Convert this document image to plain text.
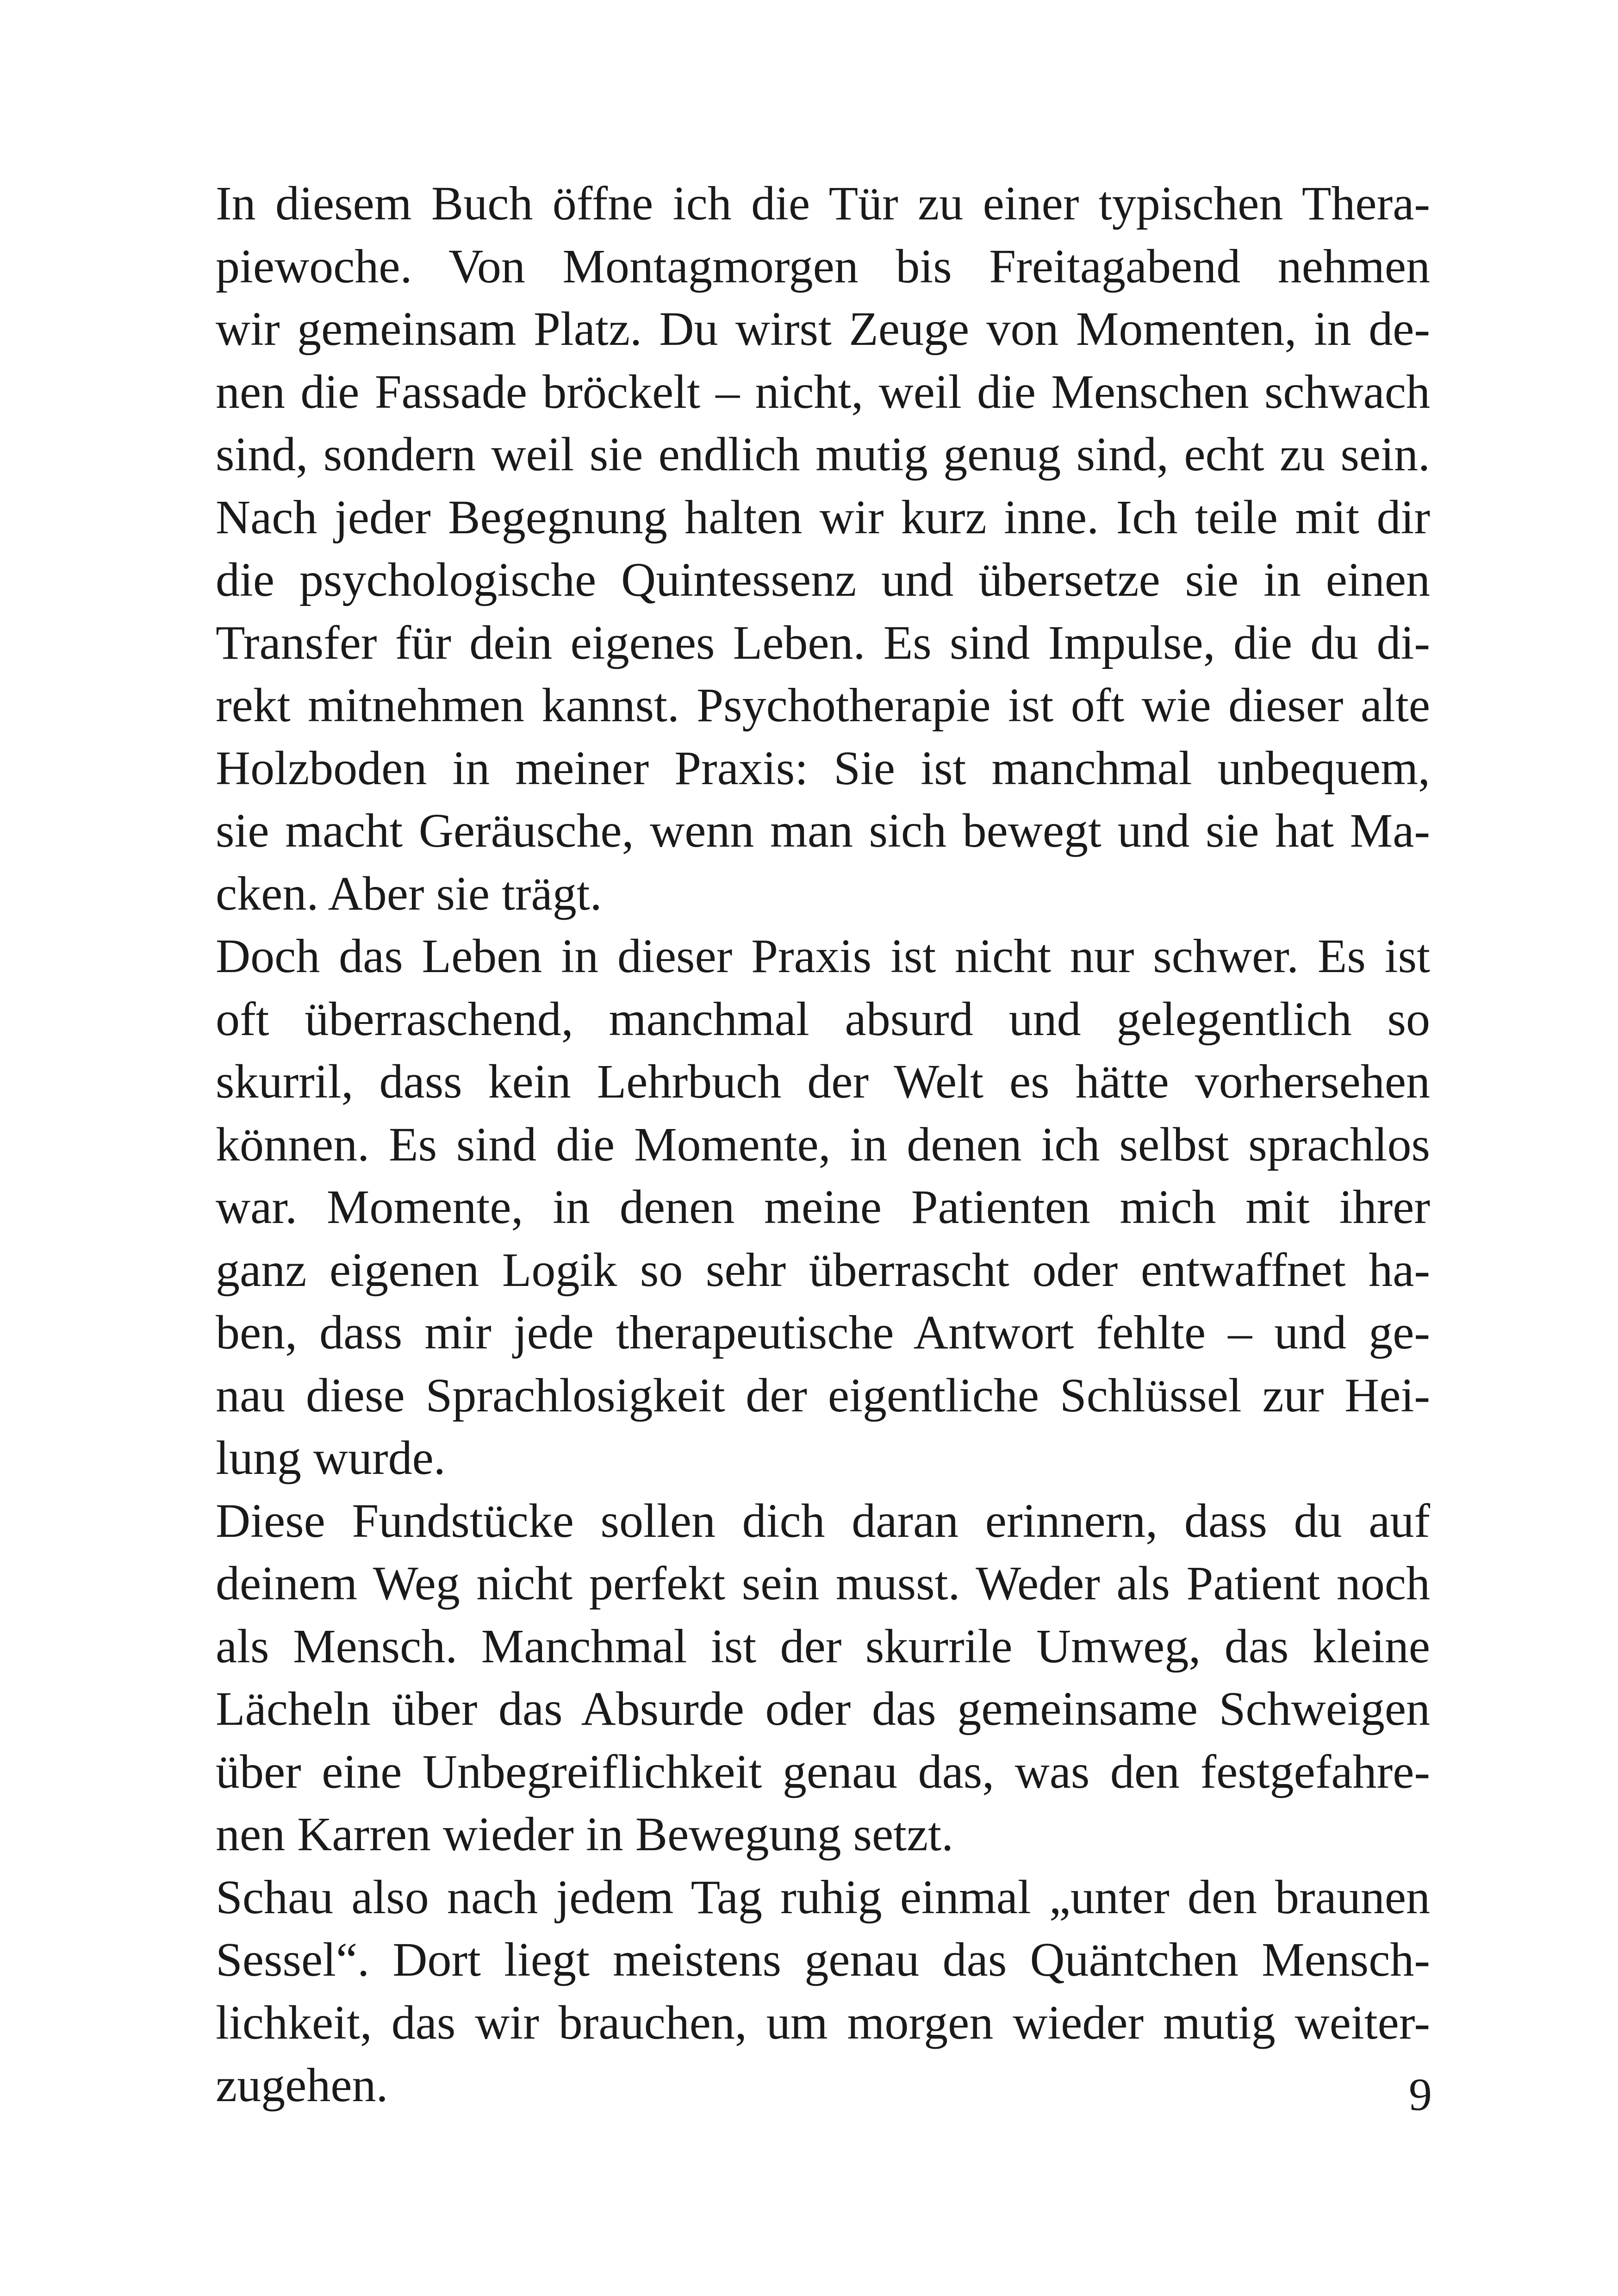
In diesem Buch öffne ich die Tür zu einer typischen Thera-
piewoche. Von Montagmorgen bis Freitagabend nehmen
wir gemeinsam Platz. Du wirst Zeuge von Momenten, in de-
nen die Fassade bröckelt – nicht, weil die Menschen schwach
sind, sondern weil sie endlich mutig genug sind, echt zu sein.
Nach jeder Begegnung halten wir kurz inne. Ich teile mit dir
die psychologische Quintessenz und übersetze sie in einen
Transfer für dein eigenes Leben. Es sind Impulse, die du di-
rekt mitnehmen kannst. Psychotherapie ist oft wie dieser alte
Holzboden in meiner Praxis: Sie ist manchmal unbequem,
sie macht Geräusche, wenn man sich bewegt und sie hat Ma-
cken. Aber sie trägt.
Doch das Leben in dieser Praxis ist nicht nur schwer. Es ist
oft überraschend, manchmal absurd und gelegentlich so
skurril, dass kein Lehrbuch der Welt es hätte vorhersehen
können. Es sind die Momente, in denen ich selbst sprachlos
war. Momente, in denen meine Patienten mich mit ihrer
ganz eigenen Logik so sehr überrascht oder entwaffnet ha-
ben, dass mir jede therapeutische Antwort fehlte – und ge-
nau diese Sprachlosigkeit der eigentliche Schlüssel zur Hei-
lung wurde.
Diese Fundstücke sollen dich daran erinnern, dass du auf
deinem Weg nicht perfekt sein musst. Weder als Patient noch
als Mensch. Manchmal ist der skurrile Umweg, das kleine
Lächeln über das Absurde oder das gemeinsame Schweigen
über eine Unbegreiflichkeit genau das, was den festgefahre-
nen Karren wieder in Bewegung setzt.
Schau also nach jedem Tag ruhig einmal „unter den braunen
Sessel“. Dort liegt meistens genau das Quäntchen Mensch-
lichkeit, das wir brauchen, um morgen wieder mutig weiter-
zugehen.	9
